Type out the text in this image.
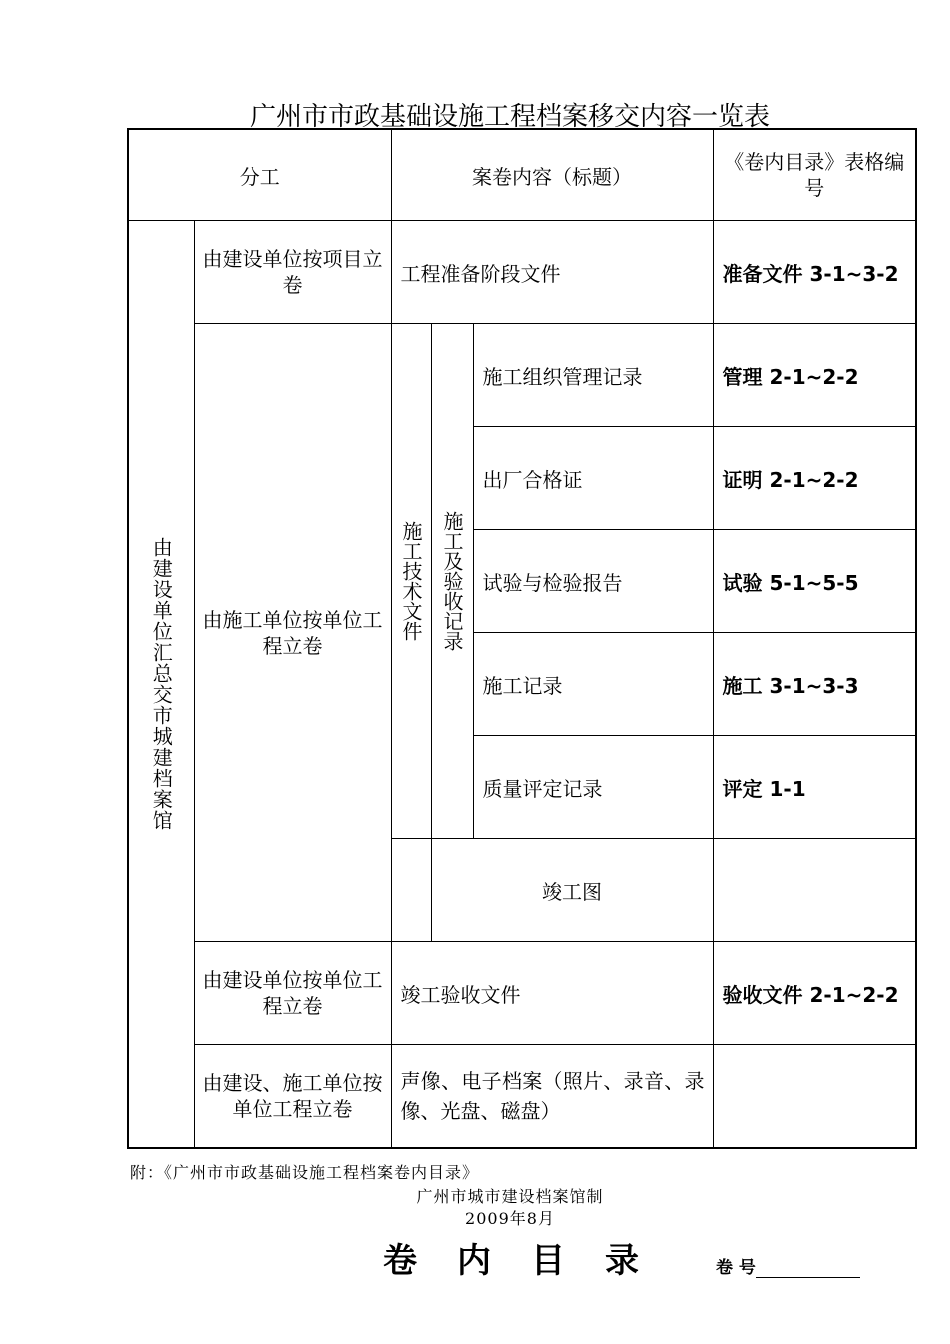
广州市市政基础设施工程档案移交内容一览表
分工		案卷内容（标题）			《卷内目录》表格编号

由建设单位汇总交市城建档案馆	由建设单位按项目立卷	工程准备阶段文件			准备文件 3-1~3-2
	由施工单位按单位工程立卷	施工技术文件	施工及验收记录	施工组织管理记录	管理 2-1~2-2
				出厂合格证	证明 2-1~2-2
				试验与检验报告	试验 5-1~5-5
				施工记录	施工 3-1~3-3
				质量评定记录	评定 1-1
			竣工图		
	由建设单位按单位工程立卷	竣工验收文件			验收文件 2-1~2-2
	由建设、施工单位按单位工程立卷	声像、电子档案（照片、录音、录像、光盘、磁盘）			
附：《广州市市政基础设施工程档案卷内目录》
广州市城市建设档案馆制
2009年8月
卷 内 目 录	卷 号
